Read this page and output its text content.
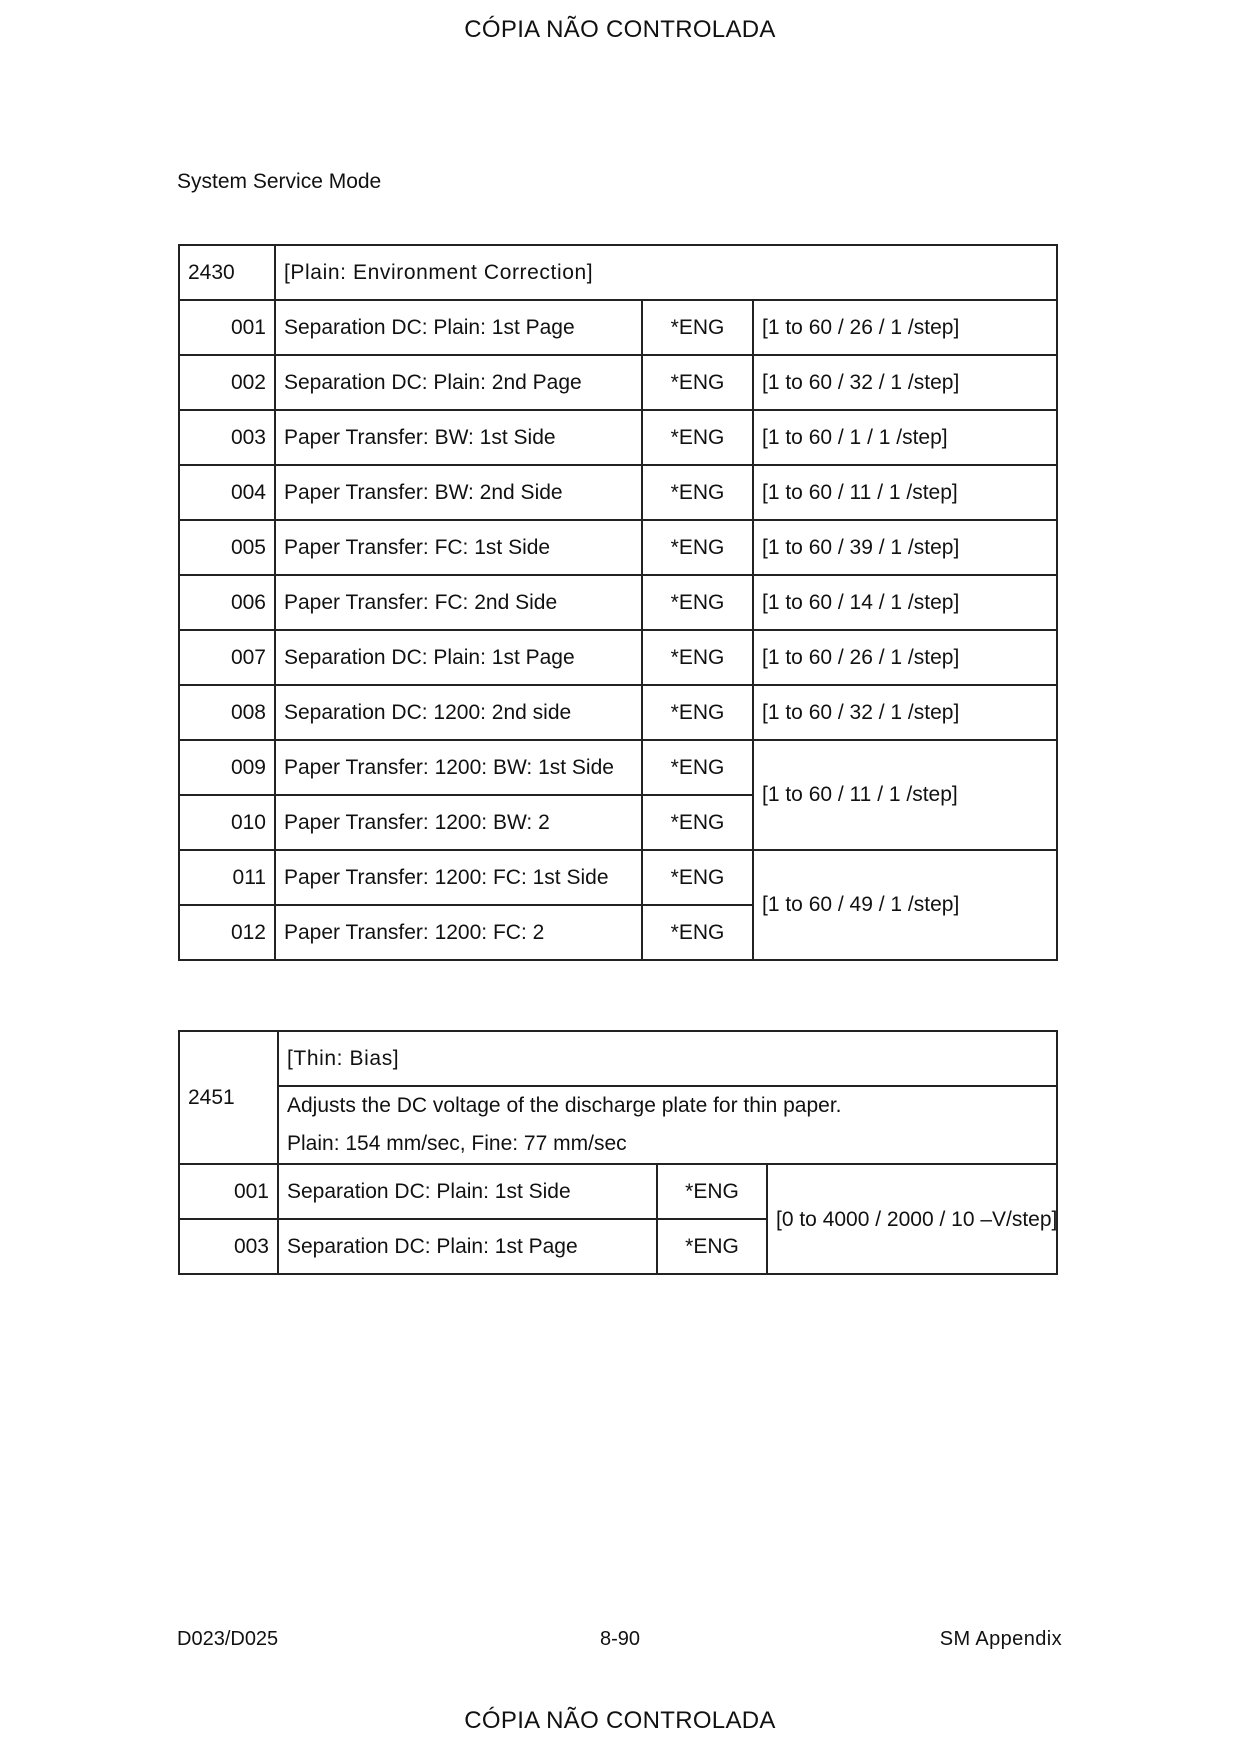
CÓPIA NÃO CONTROLADA
System Service Mode
2430	[Plain: Environment Correction]		
001	Separation DC: Plain: 1st Page	*ENG	[1 to 60 / 26 / 1 /step]
002	Separation DC: Plain: 2nd Page	*ENG	[1 to 60 / 32 / 1 /step]
003	Paper Transfer: BW: 1st Side	*ENG	[1 to 60 / 1 / 1 /step]
004	Paper Transfer: BW: 2nd Side	*ENG	[1 to 60 / 11 / 1 /step]
005	Paper Transfer: FC: 1st Side	*ENG	[1 to 60 / 39 / 1 /step]
006	Paper Transfer: FC: 2nd Side	*ENG	[1 to 60 / 14 / 1 /step]
007	Separation DC: Plain: 1st Page	*ENG	[1 to 60 / 26 / 1 /step]
008	Separation DC: 1200: 2nd side	*ENG	[1 to 60 / 32 / 1 /step]
009	Paper Transfer: 1200: BW: 1st Side	*ENG	[1 to 60 / 11 / 1 /step]
010	Paper Transfer: 1200: BW: 2	*ENG	
011	Paper Transfer: 1200: FC: 1st Side	*ENG	[1 to 60 / 49 / 1 /step]
012	Paper Transfer: 1200: FC: 2	*ENG	
2451	[Thin: Bias]		
	Adjusts the DC voltage of the discharge plate for thin paper.
Plain: 154 mm/sec, Fine: 77 mm/sec		
001	Separation DC: Plain: 1st Side	*ENG	[0 to 4000 / 2000 / 10 –V/step]
003	Separation DC: Plain: 1st Page	*ENG	
D023/D025	8-90	SM Appendix
CÓPIA NÃO CONTROLADA
